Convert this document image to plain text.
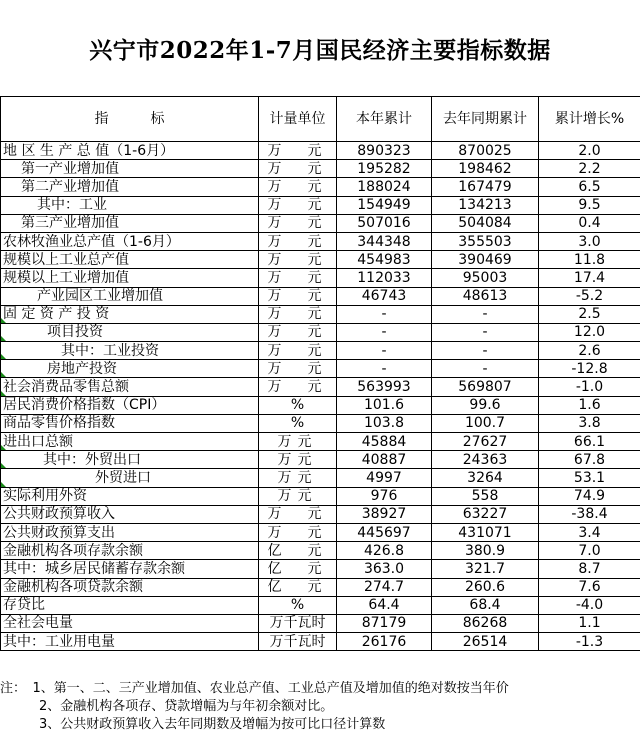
兴宁市2022年1-7月国民经济主要指标数据
指　　　标	计量单位	本年累计	去年同期累计	累计增长%
地 区 生 产 总 值（1-6月）	万　元	890323	870025	2.0
第一产业增加值	万　元	195282	198462	2.2
第二产业增加值	万　元	188024	167479	6.5
其中：工业	万　元	154949	134213	9.5
第三产业增加值	万　元	507016	504084	0.4
农林牧渔业总产值（1-6月）	万　元	344348	355503	3.0
规模以上工业总产值	万　元	454983	390469	11.8
规模以上工业增加值	万　元	112033	95003	17.4
产业园区工业增加值	万　元	46743	48613	-5.2

固 定 资 产 投 资	万　元	-	-	2.5

项目投资	万　元	-	-	12.0

其中：工业投资	万　元	-	-	2.6

房地产投资	万　元	-	-	-12.8

社会消费品零售总额	万　元	563993	569807	-1.0
居民消费价格指数（CPI）	%	101.6	99.6	1.6
商品零售价格指数	%	103.8	100.7	3.8

进出口总额	万元	45884	27627	66.1

其中：外贸出口	万元	40887	24363	67.8

外贸进口	万元	4997	3264	53.1
实际利用外资	万元	976	558	74.9
公共财政预算收入	万　元	38927	63227	-38.4
公共财政预算支出	万　元	445697	431071	3.4
金融机构各项存款余额	亿　元	426.8	380.9	7.0
其中：城乡居民储蓄存款余额	亿　元	363.0	321.7	8.7
金融机构各项贷款余额	亿　元	274.7	260.6	7.6
存贷比	%	64.4	68.4	-4.0
全社会电量	万千瓦时	87179	86268	1.1
其中：工业用电量	万千瓦时	26176	26514	-1.3
注：　1、第一、二、三产业增加值、农业总产值、工业总产值及增加值的绝对数按当年价
　　　2、金融机构各项存、贷款增幅为与年初余额对比。
　　　3、公共财政预算收入去年同期数及增幅为按可比口径计算数
